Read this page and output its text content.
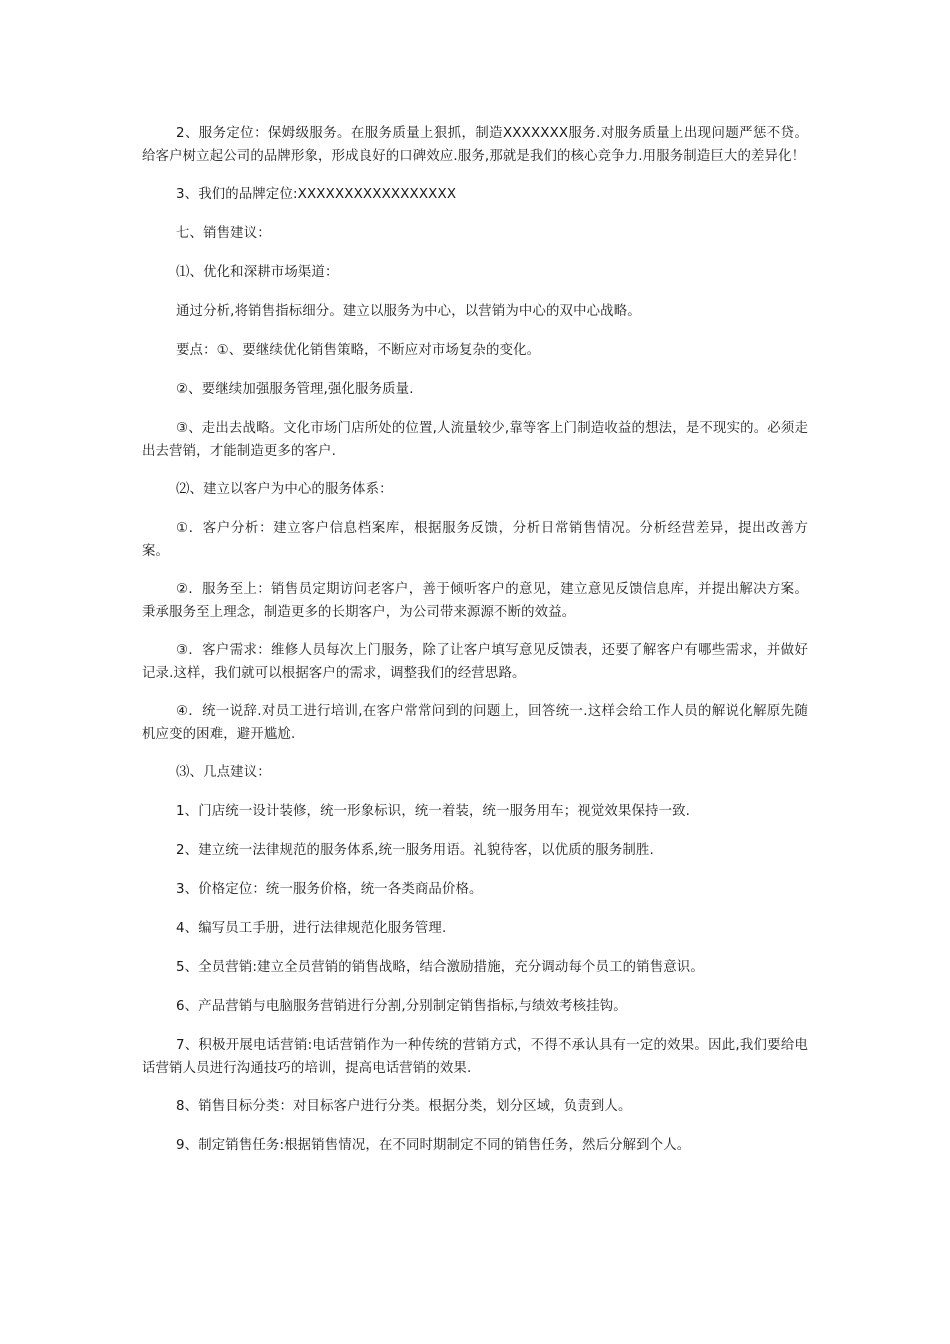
2、服务定位：保姆级服务。在服务质量上狠抓，制造XXXXXXX服务.对服务质量上出现问题严惩不贷。给客户树立起公司的品牌形象，形成良好的口碑效应.服务,那就是我们的核心竞争力.用服务制造巨大的差异化！

3、我们的品牌定位:XXXXXXXXXXXXXXXXX

七、销售建议：

⑴、优化和深耕市场渠道：

通过分析,将销售指标细分。建立以服务为中心，以营销为中心的双中心战略。

要点：①、要继续优化销售策略，不断应对市场复杂的变化。

②、要继续加强服务管理,强化服务质量.

③、走出去战略。文化市场门店所处的位置,人流量较少,靠等客上门制造收益的想法，是不现实的。必须走出去营销，才能制造更多的客户.

⑵、建立以客户为中心的服务体系：

①．客户分析：建立客户信息档案库，根据服务反馈，分析日常销售情况。分析经营差异，提出改善方案。

②．服务至上：销售员定期访问老客户，善于倾听客户的意见，建立意见反馈信息库，并提出解决方案。秉承服务至上理念，制造更多的长期客户，为公司带来源源不断的效益。

③．客户需求：维修人员每次上门服务，除了让客户填写意见反馈表，还要了解客户有哪些需求，并做好记录.这样，我们就可以根据客户的需求，调整我们的经营思路。

④．统一说辞.对员工进行培训,在客户常常问到的问题上，回答统一.这样会给工作人员的解说化解原先随机应变的困难，避开尴尬.

⑶、几点建议：

1、门店统一设计装修，统一形象标识，统一着装，统一服务用车；视觉效果保持一致.

2、建立统一法律规范的服务体系,统一服务用语。礼貌待客，以优质的服务制胜.

3、价格定位：统一服务价格，统一各类商品价格。

4、编写员工手册，进行法律规范化服务管理.

5、全员营销:建立全员营销的销售战略，结合激励措施，充分调动每个员工的销售意识。

6、产品营销与电脑服务营销进行分割,分别制定销售指标,与绩效考核挂钩。

7、积极开展电话营销:电话营销作为一种传统的营销方式，不得不承认具有一定的效果。因此,我们要给电话营销人员进行沟通技巧的培训，提高电话营销的效果.

8、销售目标分类：对目标客户进行分类。根据分类，划分区域，负责到人。

9、制定销售任务:根据销售情况，在不同时期制定不同的销售任务，然后分解到个人。
